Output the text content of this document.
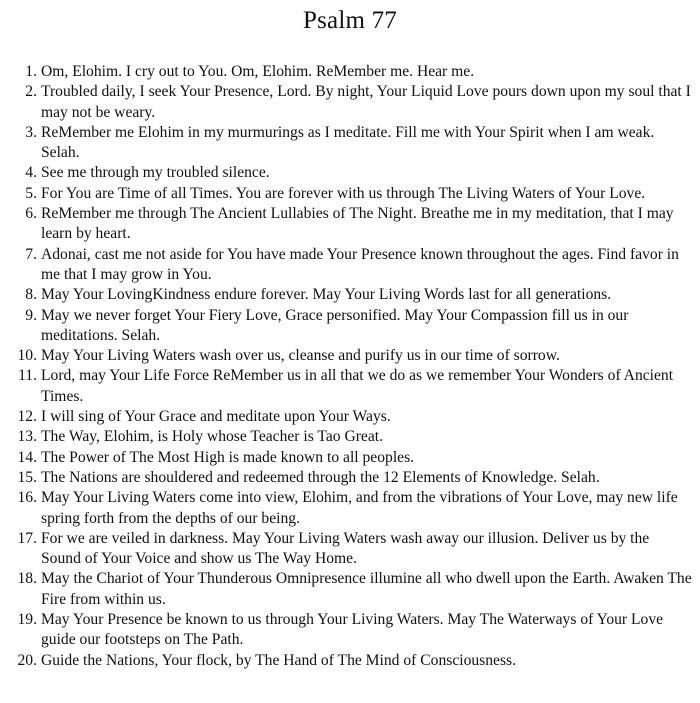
Psalm 77
1. Om, Elohim. I cry out to You. Om, Elohim. ReMember me. Hear me.
2. Troubled daily, I seek Your Presence, Lord. By night, Your Liquid Love pours down upon my soul that I may not be weary.
3. ReMember me Elohim in my murmurings as I meditate. Fill me with Your Spirit when I am weak. Selah.
4. See me through my troubled silence.
5. For You are Time of all Times. You are forever with us through The Living Waters of Your Love.
6. ReMember me through The Ancient Lullabies of The Night. Breathe me in my meditation, that I may learn by heart.
7. Adonai, cast me not aside for You have made Your Presence known throughout the ages. Find favor in me that I may grow in You.
8. May Your LovingKindness endure forever. May Your Living Words last for all generations.
9. May we never forget Your Fiery Love, Grace personified. May Your Compassion fill us in our meditations. Selah.
10. May Your Living Waters wash over us, cleanse and purify us in our time of sorrow.
11. Lord, may Your Life Force ReMember us in all that we do as we remember Your Wonders of Ancient Times.
12. I will sing of Your Grace and meditate upon Your Ways.
13. The Way, Elohim, is Holy whose Teacher is Tao Great.
14. The Power of The Most High is made known to all peoples.
15. The Nations are shouldered and redeemed through the 12 Elements of Knowledge. Selah.
16. May Your Living Waters come into view, Elohim, and from the vibrations of Your Love, may new life spring forth from the depths of our being.
17. For we are veiled in darkness. May Your Living Waters wash away our illusion. Deliver us by the Sound of Your Voice and show us The Way Home.
18. May the Chariot of Your Thunderous Omnipresence illumine all who dwell upon the Earth. Awaken The Fire from within us.
19. May Your Presence be known to us through Your Living Waters. May The Waterways of Your Love guide our footsteps on The Path.
20. Guide the Nations, Your flock, by The Hand of The Mind of Consciousness.
